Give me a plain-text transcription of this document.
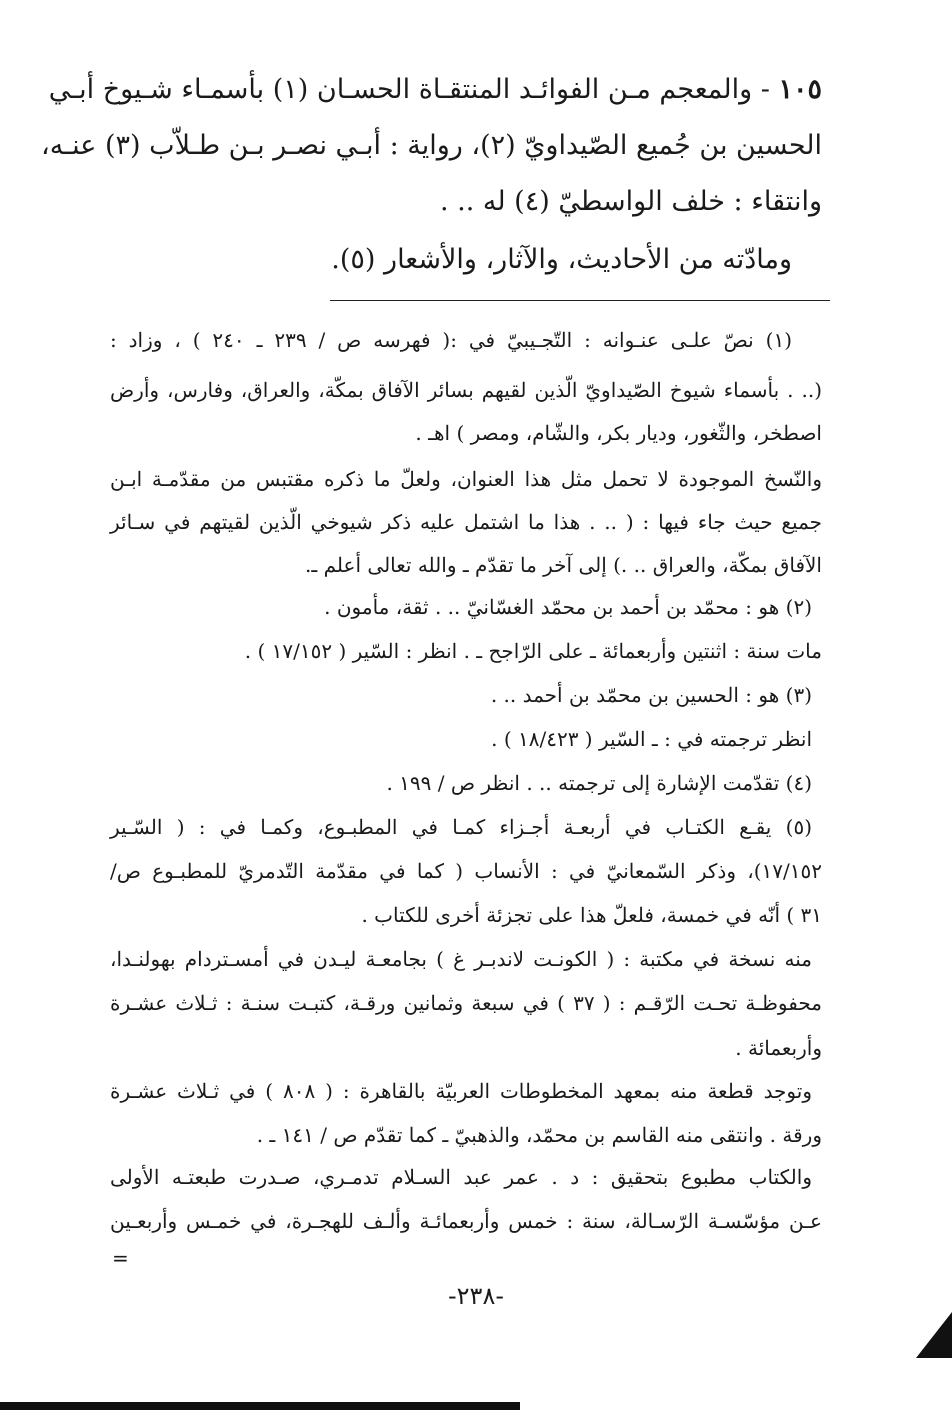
١٠٥ - والمعجم مـن الفوائـد المنتقـاة الحسـان (١) بأسمـاء شـيوخ أبـي
الحسين بن جُميع الصّيداويّ (٢)، رواية : أبـي نصـر بـن طـلاّب (٣) عنـه،
وانتقاء : خلف الواسطيّ (٤) له .. .
ومادّته من الأحاديث، والآثار، والأشعار (٥).
(١) نصّ علـى عنـوانه : التّجـيبيّ في :( فهرسه ص / ٢٣٩ ـ ٢٤٠ ) ، وزاد :
(.. . بأسماء شيوخ الصّيداويّ الّذين لقيهم بسائر الآفاق بمكّة، والعراق، وفارس، وأرض
اصطخر، والثّغور، وديار بكر، والشّام، ومصر ) اهـ .
والنّسخ الموجودة لا تحمل مثل هذا العنوان، ولعلّ ما ذكره مقتبس من مقدّمـة ابـن
جميع حيث جاء فيها : ( .. . هذا ما اشتمل عليه ذكر شيوخي الّذين لقيتهم في سـائر
الآفاق بمكّة، والعراق .. .) إلى آخر ما تقدّم ـ والله تعالى أعلم ـ.
(٢) هو : محمّد بن أحمد بن محمّد الغسّانيّ .. . ثقة، مأمون .
مات سنة : اثنتين وأربعمائة ـ على الرّاجح ـ . انظر : السّير ( ١٧/١٥٢ ) .
(٣) هو : الحسين بن محمّد بن أحمد .. .
انظر ترجمته في : ـ السّير ( ١٨/٤٢٣ ) .
(٤) تقدّمت الإشارة إلى ترجمته .. . انظر ص / ١٩٩ .
(٥) يقـع الكتـاب في أربعـة أجـزاء كمـا في المطبـوع، وكمـا في : ( السّـير
١٧/١٥٢)، وذكر السّمعانيّ في : الأنساب ( كما في مقدّمة التّدمريّ للمطبـوع ص/
٣١ ) أنّه في خمسة، فلعلّ هذا على تجزئة أخرى للكتاب .
منه نسخة في مكتبة : ( الكونـت لاندبـر غ ) بجامعـة ليـدن في أمسـتردام بهولنـدا،
محفوظـة تحـت الرّقـم : ( ٣٧ ) في سبعة وثمانين ورقـة، كتبـت سنـة : ثـلاث عشـرة
وأربعمائة .
وتوجد قطعة منه بمعهد المخطوطات العربيّة بالقاهرة : ( ٨٠٨ ) في ثـلاث عشـرة
ورقة . وانتقى منه القاسم بن محمّد، والذهبيّ ـ كما تقدّم ص / ١٤١ ـ .
والكتاب مطبوع بتحقيق : د . عمر عبد السـلام تدمـري، صـدرت طبعتـه الأولى
عـن مؤسّسـة الرّسـالة، سنة : خمس وأربعمائـة وألـف للهجـرة، في خمـس وأربعـين
=
-٢٣٨-
